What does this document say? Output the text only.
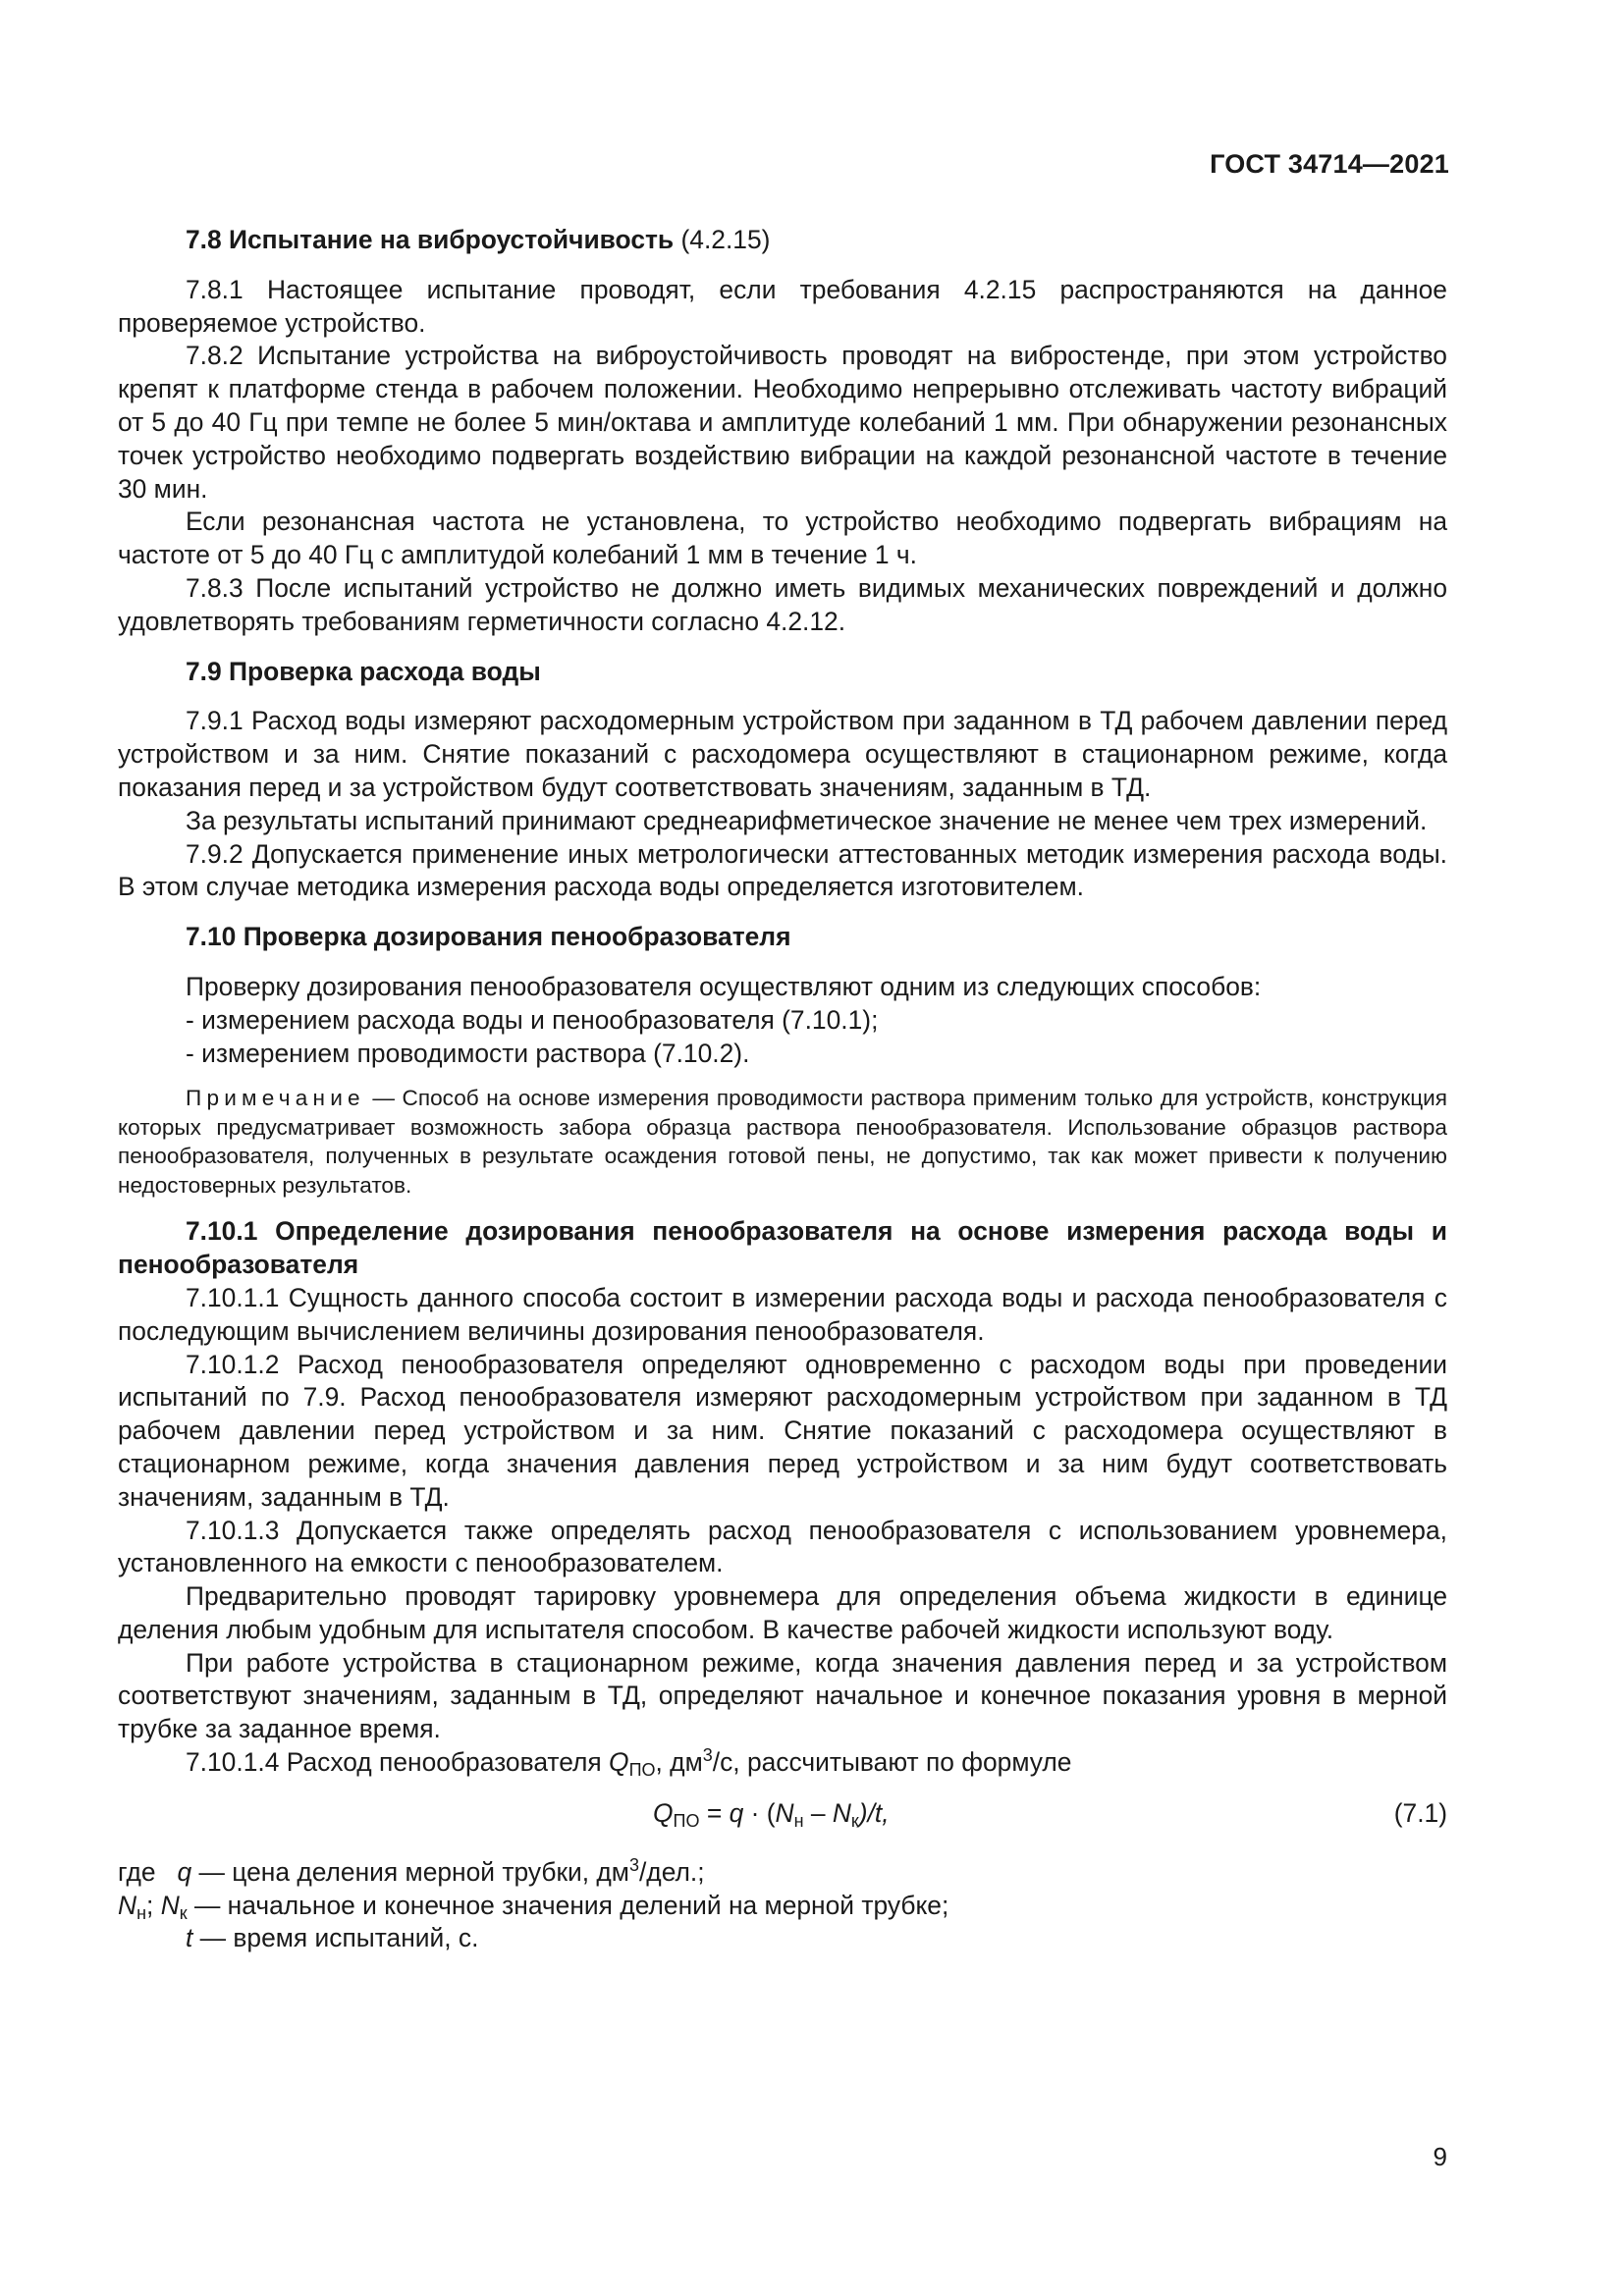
ГОСТ 34714—2021

7.8 Испытание на виброустойчивость (4.2.15)

7.8.1 Настоящее испытание проводят, если требования 4.2.15 распространяются на данное проверяемое устройство.

7.8.2 Испытание устройства на виброустойчивость проводят на вибростенде, при этом устройство крепят к платформе стенда в рабочем положении. Необходимо непрерывно отслеживать частоту вибраций от 5 до 40 Гц при темпе не более 5 мин/октава и амплитуде колебаний 1 мм. При обнаружении резонансных точек устройство необходимо подвергать воздействию вибрации на каждой резонансной частоте в течение 30 мин.

Если резонансная частота не установлена, то устройство необходимо подвергать вибрациям на частоте от 5 до 40 Гц с амплитудой колебаний 1 мм в течение 1 ч.

7.8.3 После испытаний устройство не должно иметь видимых механических повреждений и должно удовлетворять требованиям герметичности согласно 4.2.12.

7.9 Проверка расхода воды

7.9.1 Расход воды измеряют расходомерным устройством при заданном в ТД рабочем давлении перед устройством и за ним. Снятие показаний с расходомера осуществляют в стационарном режиме, когда показания перед и за устройством будут соответствовать значениям, заданным в ТД.

За результаты испытаний принимают среднеарифметическое значение не менее чем трех измерений.

7.9.2 Допускается применение иных метрологически аттестованных методик измерения расхода воды. В этом случае методика измерения расхода воды определяется изготовителем.

7.10 Проверка дозирования пенообразователя

Проверку дозирования пенообразователя осуществляют одним из следующих способов:

- измерением расхода воды и пенообразователя (7.10.1);

- измерением проводимости раствора (7.10.2).

Примечание — Способ на основе измерения проводимости раствора применим только для устройств, конструкция которых предусматривает возможность забора образца раствора пенообразователя. Использование образцов раствора пенообразователя, полученных в результате осаждения готовой пены, не допустимо, так как может привести к получению недостоверных результатов.

7.10.1 Определение дозирования пенообразователя на основе измерения расхода воды и пенообразователя

7.10.1.1 Сущность данного способа состоит в измерении расхода воды и расхода пенообразователя с последующим вычислением величины дозирования пенообразователя.

7.10.1.2 Расход пенообразователя определяют одновременно с расходом воды при проведении испытаний по 7.9. Расход пенообразователя измеряют расходомерным устройством при заданном в ТД рабочем давлении перед устройством и за ним. Снятие показаний с расходомера осуществляют в стационарном режиме, когда значения давления перед устройством и за ним будут соответствовать значениям, заданным в ТД.

7.10.1.3 Допускается также определять расход пенообразователя с использованием уровнемера, установленного на емкости с пенообразователем.

Предварительно проводят тарировку уровнемера для определения объема жидкости в единице деления любым удобным для испытателя способом. В качестве рабочей жидкости используют воду.

При работе устройства в стационарном режиме, когда значения давления перед и за устройством соответствуют значениям, заданным в ТД, определяют начальное и конечное показания уровня в мерной трубке за заданное время.

7.10.1.4 Расход пенообразователя $Q_{ПО}$, $дм^3/с$, рассчитывают по формуле

$Q_{ПО} = q \cdot (N_н - N_к)/t$,	(7.1)

где   q — цена деления мерной трубки, $дм^3$/дел.;

$N_н$; $N_к$ — начальное и конечное значения делений на мерной трубке;

t — время испытаний, с.

9
